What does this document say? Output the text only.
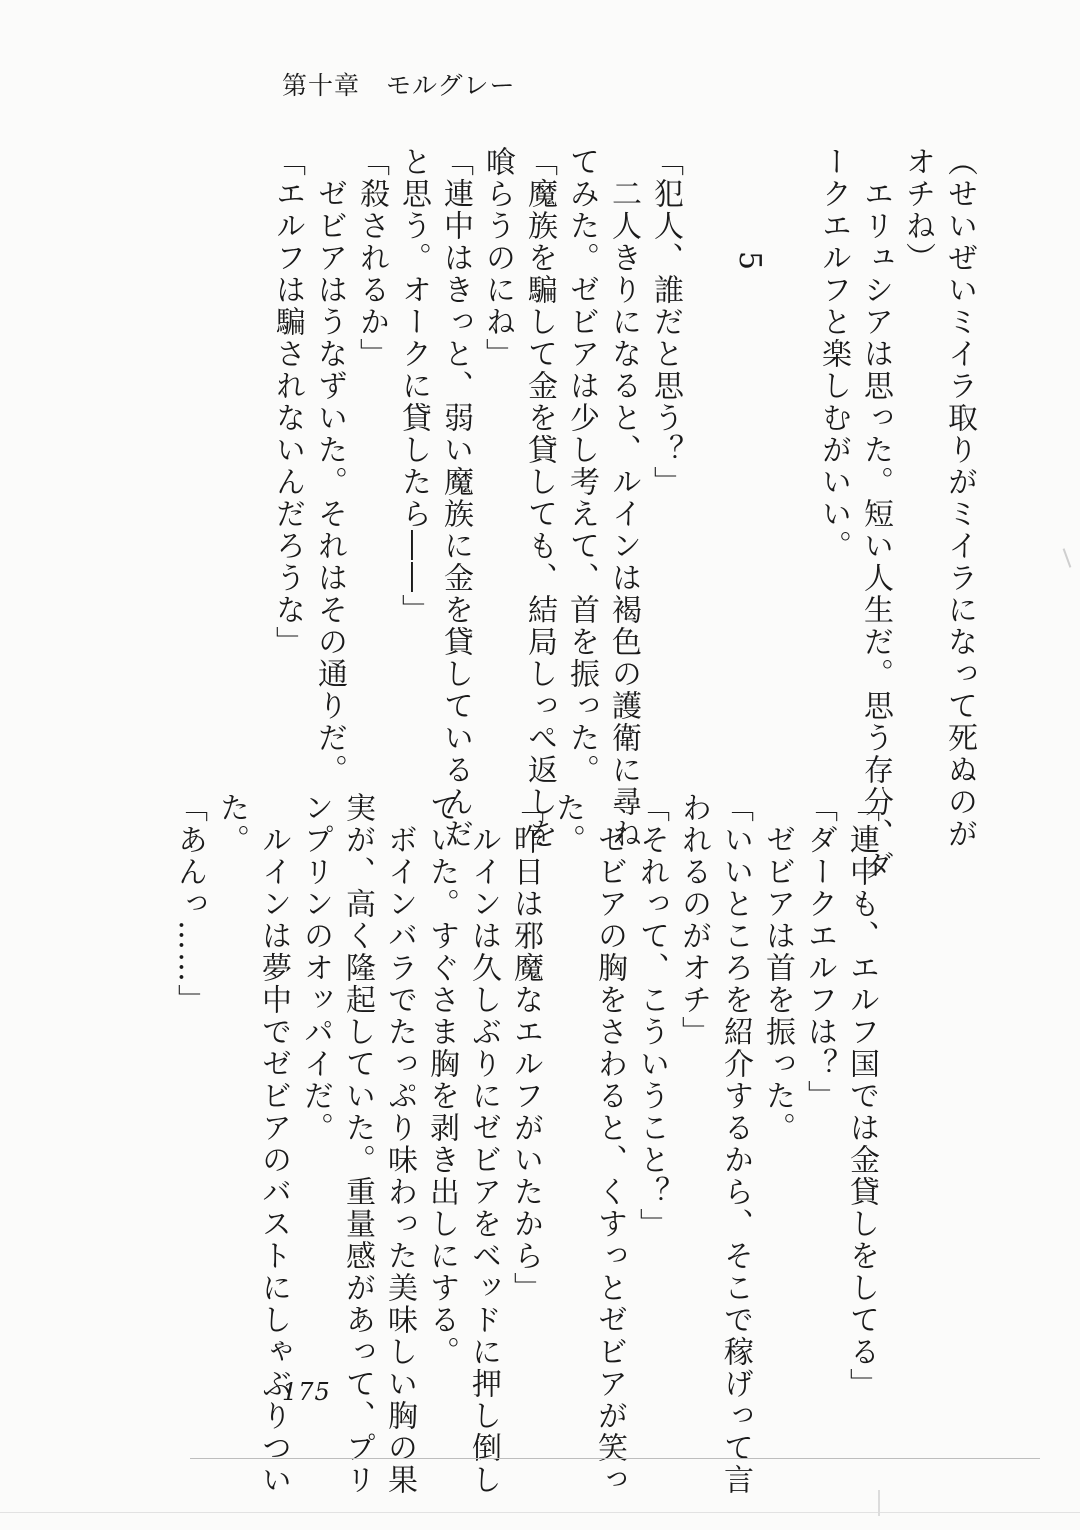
第十章　モルグレー
（せいぜいミイラ取りがミイラになって死ぬのが
オチね）
　エリュシアは思った。短い人生だ。思う存分、ダ
ークエルフと楽しむがいい。
5
「犯人、誰だと思う？」
　二人きりになると、ルインは褐色の護衛に尋ね
てみた。ゼビアは少し考えて、首を振った。
「魔族を騙して金を貸しても、結局しっぺ返しを
喰らうのにね」
「連中はきっと、弱い魔族に金を貸しているんだ
と思う。オークに貸したら――」
「殺されるか」
　ゼビアはうなずいた。それはその通りだ。
「エルフは騙されないんだろうな」
「連中も、エルフ国では金貸しをしてる」
「ダークエルフは？」
　ゼビアは首を振った。
「いいところを紹介するから、そこで稼げって言
われるのがオチ」
「それって、こういうこと？」
　ゼビアの胸をさわると、くすっとゼビアが笑っ
た。
「昨日は邪魔なエルフがいたから」
　ルインは久しぶりにゼビアをベッドに押し倒し
ていた。すぐさま胸を剥き出しにする。
　ボインバラでたっぷり味わった美味しい胸の果
実が、高く隆起していた。重量感があって、プリ
ンプリンのオッパイだ。
　ルインは夢中でゼビアのバストにしゃぶりつい
た。
「あんっ……」
175
